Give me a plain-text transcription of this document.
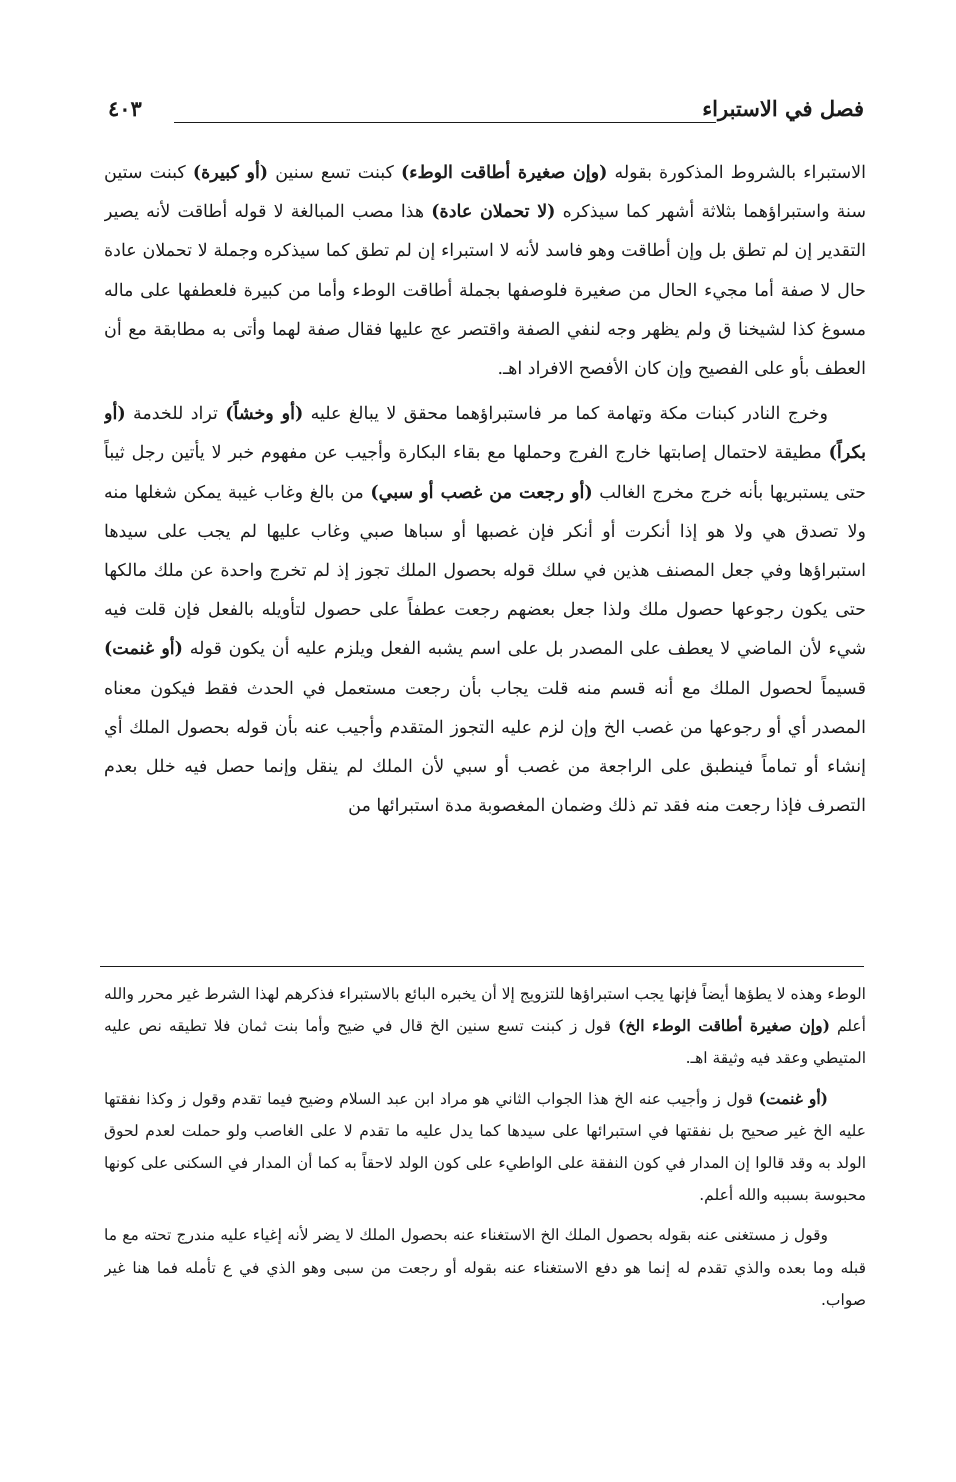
فصل في الاستبراء
٤٠٣

الاستبراء بالشروط المذكورة بقوله (وإن صغيرة أطاقت الوطء) كبنت تسع سنين (أو كبيرة) كبنت ستين سنة واستبراؤهما بثلاثة أشهر كما سيذكره (لا تحملان عادة) هذا مصب المبالغة لا قوله أطاقت لأنه يصير التقدير إن لم تطق بل وإن أطاقت وهو فاسد لأنه لا استبراء إن لم تطق كما سيذكره وجملة لا تحملان عادة حال لا صفة أما مجيء الحال من صغيرة فلوصفها بجملة أطاقت الوطء وأما من كبيرة فلعطفها على ماله مسوغ كذا لشيخنا ق ولم يظهر وجه لنفي الصفة واقتصر عج عليها فقال صفة لهما وأتى به مطابقة مع أن العطف بأو على الفصيح وإن كان الأفصح الافراد اهـ.

وخرج النادر كبنات مكة وتهامة كما مر فاستبراؤهما محقق لا يبالغ عليه (أو وخشاً) تراد للخدمة (أو بكراً) مطيقة لاحتمال إصابتها خارج الفرج وحملها مع بقاء البكارة وأجيب عن مفهوم خبر لا يأتين رجل ثيباً حتى يستبريها بأنه خرج مخرج الغالب (أو رجعت من غصب أو سبي) من بالغ وغاب غيبة يمكن شغلها منه ولا تصدق هي ولا هو إذا أنكرت أو أنكر فإن غصبها أو سباها صبي وغاب عليها لم يجب على سيدها استبراؤها وفي جعل المصنف هذين في سلك قوله بحصول الملك تجوز إذ لم تخرج واحدة عن ملك مالكها حتى يكون رجوعها حصول ملك ولذا جعل بعضهم رجعت عطفاً على حصول لتأويله بالفعل فإن قلت فيه شيء لأن الماضي لا يعطف على المصدر بل على اسم يشبه الفعل ويلزم عليه أن يكون قوله (أو غنمت) قسيماً لحصول الملك مع أنه قسم منه قلت يجاب بأن رجعت مستعمل في الحدث فقط فيكون معناه المصدر أي أو رجوعها من غصب الخ وإن لزم عليه التجوز المتقدم وأجيب عنه بأن قوله بحصول الملك أي إنشاء أو تماماً فينطبق على الراجعة من غصب أو سبي لأن الملك لم ينقل وإنما حصل فيه خلل بعدم التصرف فإذا رجعت منه فقد تم ذلك وضمان المغصوبة مدة استبرائها من

الوطء وهذه لا يطؤها أيضاً فإنها يجب استبراؤها للتزويج إلا أن يخبره البائع بالاستبراء فذكرهم لهذا الشرط غير محرر والله أعلم (وإن صغيرة أطاقت الوطء الخ) قول ز كبنت تسع سنين الخ قال في ضيح وأما بنت ثمان فلا تطيقه نص عليه المتيطي وعقد فيه وثيقة اهـ.

(أو غنمت) قول ز وأجيب عنه الخ هذا الجواب الثاني هو مراد ابن عبد السلام وضيح فيما تقدم وقول ز وكذا نفقتها عليه الخ غير صحيح بل نفقتها في استبرائها على سيدها كما يدل عليه ما تقدم لا على الغاصب ولو حملت لعدم لحوق الولد به وقد قالوا إن المدار في كون النفقة على الواطيء على كون الولد لاحقاً به كما أن المدار في السكنى على كونها محبوسة بسببه والله أعلم.

وقول ز مستغنى عنه بقوله بحصول الملك الخ الاستغناء عنه بحصول الملك لا يضر لأنه إغياء عليه مندرج تحته مع ما قبله وما بعده والذي تقدم له إنما هو دفع الاستغناء عنه بقوله أو رجعت من سبى وهو الذي في ع تأمله فما هنا غير صواب.
